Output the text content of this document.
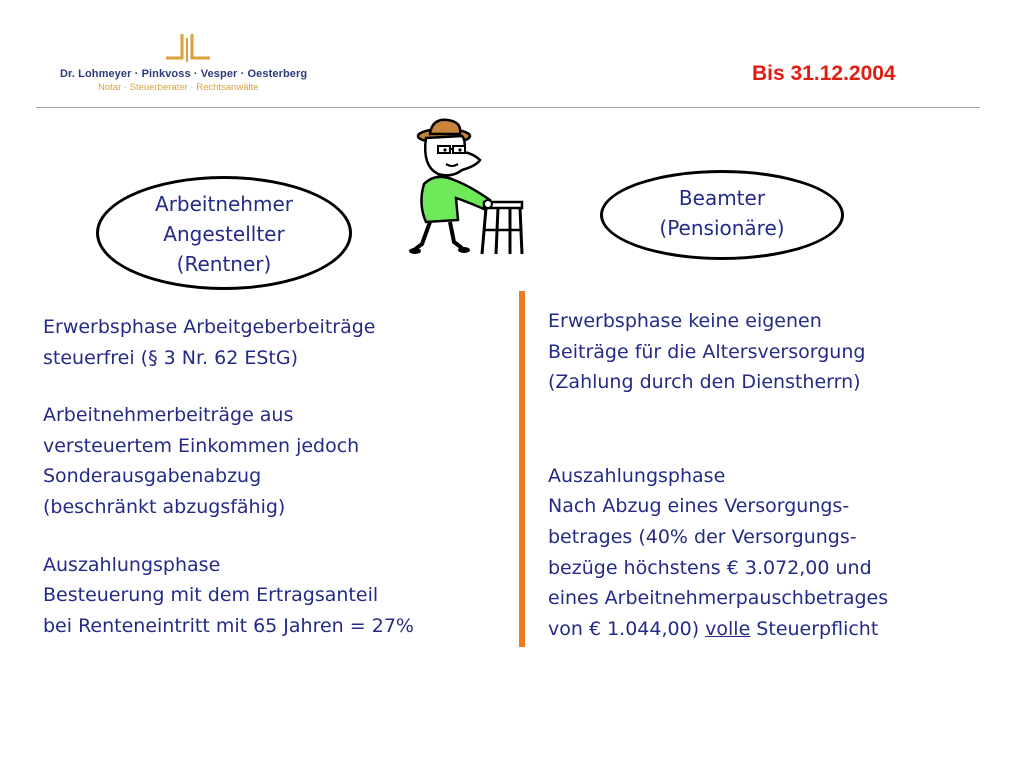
Dr. Lohmeyer · Pinkvoss · Vesper · Oesterberg
Notar · Steuerberater · Rechtsanwälte
Bis 31.12.2004
Arbeitnehmer
Angestellter
(Rentner)
Beamter
(Pensionäre)
Erwerbsphase Arbeitgeberbeiträge
steuerfrei (§ 3 Nr. 62 EStG)
Arbeitnehmerbeiträge aus
versteuertem Einkommen jedoch
Sonderausgabenabzug
(beschränkt abzugsfähig)
Auszahlungsphase
Besteuerung mit dem Ertragsanteil
bei Renteneintritt mit 65 Jahren = 27%
Erwerbsphase keine eigenen
Beiträge für die Altersversorgung
(Zahlung durch den Dienstherrn)
Auszahlungsphase
Nach Abzug eines Versorgungs-
betrages (40% der Versorgungs-
bezüge höchstens € 3.072,00 und
eines Arbeitnehmerpauschbetrages
von € 1.044,00) volle Steuerpflicht
